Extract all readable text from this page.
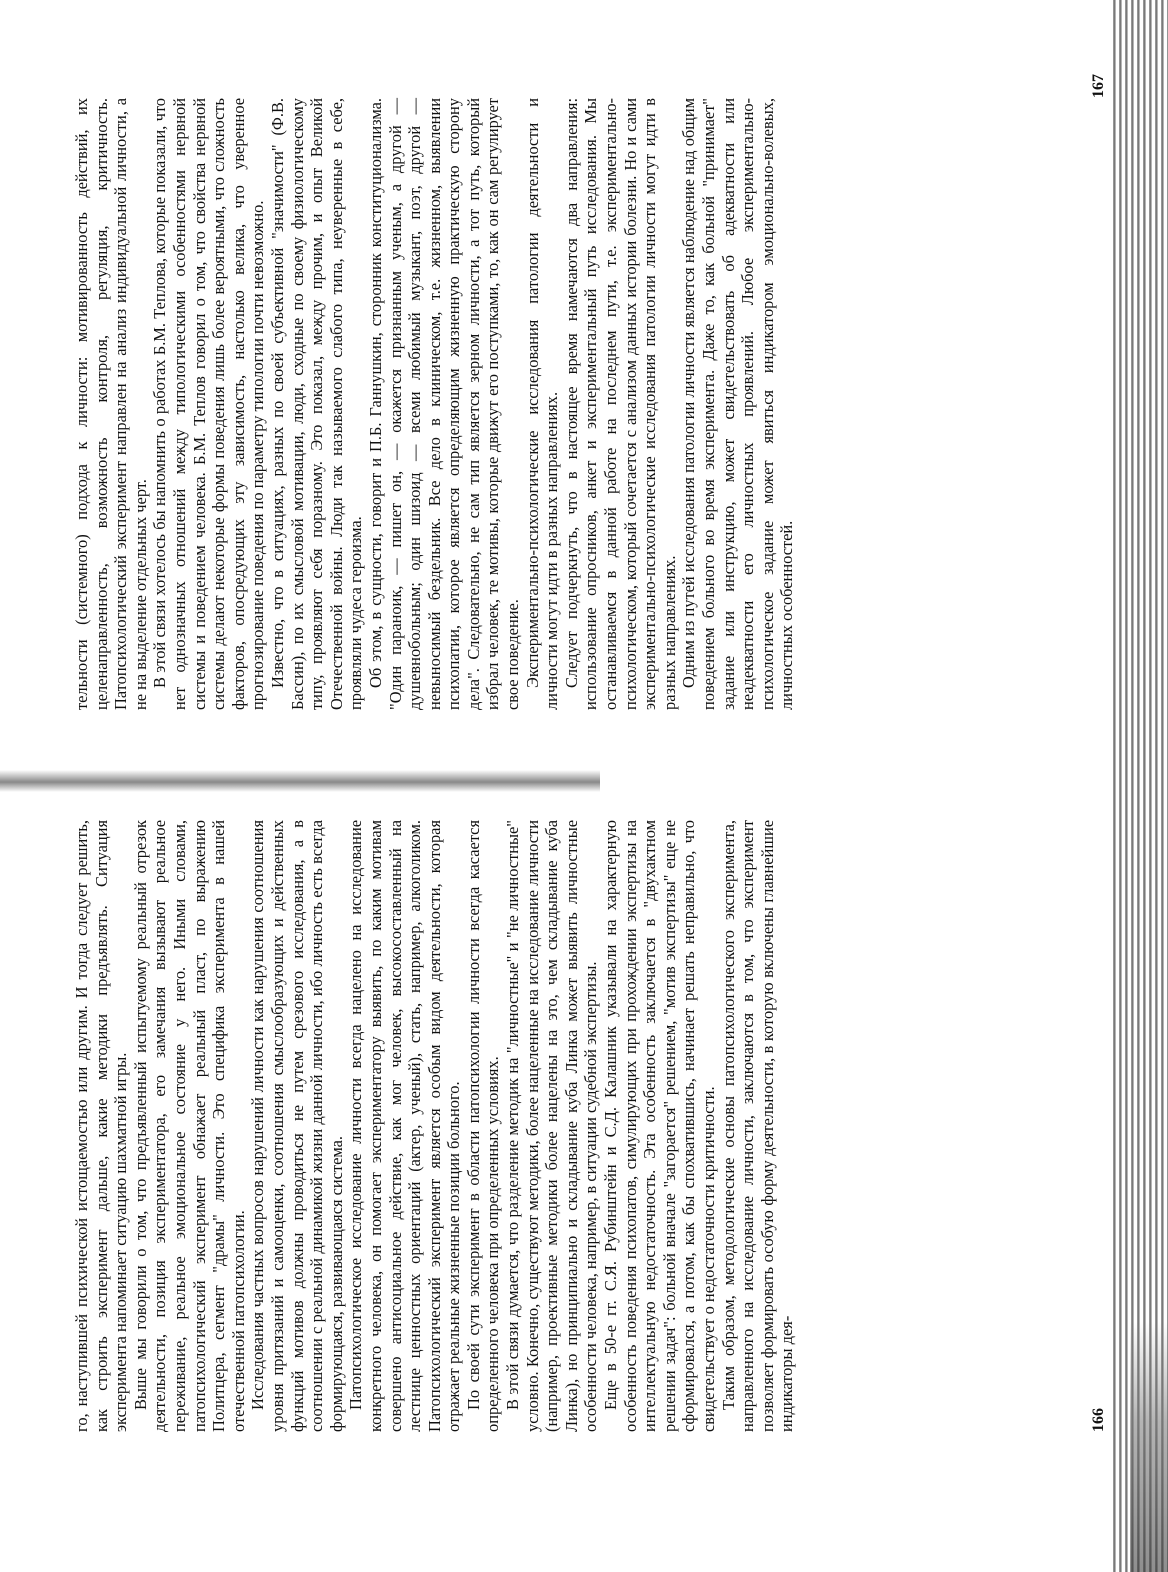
го, наступившей психической истощаемостью или другим. И тогда следует решить, как строить эксперимент дальше, какие методики предъявлять. Ситуация эксперимента напоминает ситуацию шахматной игры. Выше мы говорили о том, что предъявленный испытуемому реальный отрезок деятельности, позиция экспериментатора, его замечания вызывают реальное переживание, реальное эмоциональное состояние у него. Иными словами, патопсихологический эксперимент обнажает реальный пласт, по выражению Политцера, сегмент "драмы" личности. Это специфика эксперимента в нашей отечественной патопсихологии. Исследования частных вопросов нарушений личности как нарушения соотношения уровня притязаний и самооценки, соотношения смыслообразующих и действенных функций мотивов должны проводиться не путем срезового исследования, а в соотношении с реальной динамикой жизни данной личности, ибо личность есть всегда формирующаяся, развивающаяся система. Патопсихологическое исследование личности всегда нацелено на исследование конкретного человека, он помогает экспериментатору выявить, по каким мотивам совершено антисоциальное действие, как мог человек, высокосоставленный на лестнице ценностных ориентаций (актер, ученый), стать, например, алкоголиком. Патопсихологический эксперимент является особым видом деятельности, которая отражает реальные жизненные позиции больного. По своей сути эксперимент в области патопсихологии личности всегда касается определенного человека при определенных условиях. В этой связи думается, что разделение методик на "личностные" и "не личностные" условно. Конечно, существуют методики, более нацеленные на исследование личности (например, проективные методики более нацелены на это, чем складывание куба Линка), но принципиально и складывание куба Линка может выявить личностные особенности человека, например, в ситуации судебной экспертизы. Еще в 50-е гг. С.Я. Рубинштейн и С.Д. Калашник указывали на характерную особенность поведения психопатов, симулирующих при прохождении экспертизы на интеллектуальную недостаточность. Эта особенность заключается в "двухактном решении задач": больной вначале "загорается" решением, "мотив экспертизы" еще не сформировался, а потом, как бы спохватившись, начинает решать неправильно, что свидетельствует о недостаточности критичности. Таким образом, методологические основы патопсихологического эксперимента, направленного на исследование личности, заключаются в том, что эксперимент позволяет формировать особую форму деятельности, в которую включены главнейшие индикаторы дея-	166

тельности (системного) подхода к личности: мотивированность действий, их целенаправленность, возможность контроля, регуляция, критичность. Патопсихологический эксперимент направлен на анализ индивидуальной личности, а не на выделение отдельных черт. В этой связи хотелось бы напомнить о работах Б.М. Теплова, которые показали, что нет однозначных отношений между типологическими особенностями нервной системы и поведением человека. Б.М. Теплов говорил о том, что свойства нервной системы делают некоторые формы поведения лишь более вероятными, что сложность факторов, опосредующих эту зависимость, настолько велика, что уверенное прогнозирование поведения по параметру типологии почти невозможно. Известно, что в ситуациях, разных по своей субъективной "значимости" (Ф.В. Бассин), по их смысловой мотивации, люди, сходные по своему физиологическому типу, проявляют себя поразному. Это показал, между прочим, и опыт Великой Отечественной войны. Люди так называемого слабого типа, неуверенные в себе, проявляли чудеса героизма. Об этом, в сущности, говорит и П.Б. Ганнушкин, сторонник конституционализма. "Один параноик, — пишет он, — окажется признанным ученым, а другой — душевнобольным; один шизоид — всеми любимый музыкант, поэт, другой — невыносимый бездельник. Все дело в клиническом, т.е. жизненном, выявлении психопатии, которое является определяющим жизненную практическую сторону дела". Следовательно, не сам тип является зерном личности, а тот путь, который избрал человек, те мотивы, которые движут его поступками, то, как он сам регулирует свое поведение. Экспериментально-психологические исследования патологии деятельности и личности могут идти в разных направлениях. Следует подчеркнуть, что в настоящее время намечаются два направления: использование опросников, анкет и экспериментальный путь исследования. Мы останавливаемся в данной работе на последнем пути, т.е. экспериментально-психологическом, который сочетается с анализом данных истории болезни. Но и сами экспериментально-психологические исследования патологии личности могут идти в разных направлениях. Одним из путей исследования патологии личности является наблюдение над общим поведением больного во время эксперимента. Даже то, как больной "принимает" задание или инструкцию, может свидетельствовать об адекватности или неадекватности его личностных проявлений. Любое экспериментально-психологическое задание может явиться индикатором эмоционально-волевых, личностных особенностей.

167
